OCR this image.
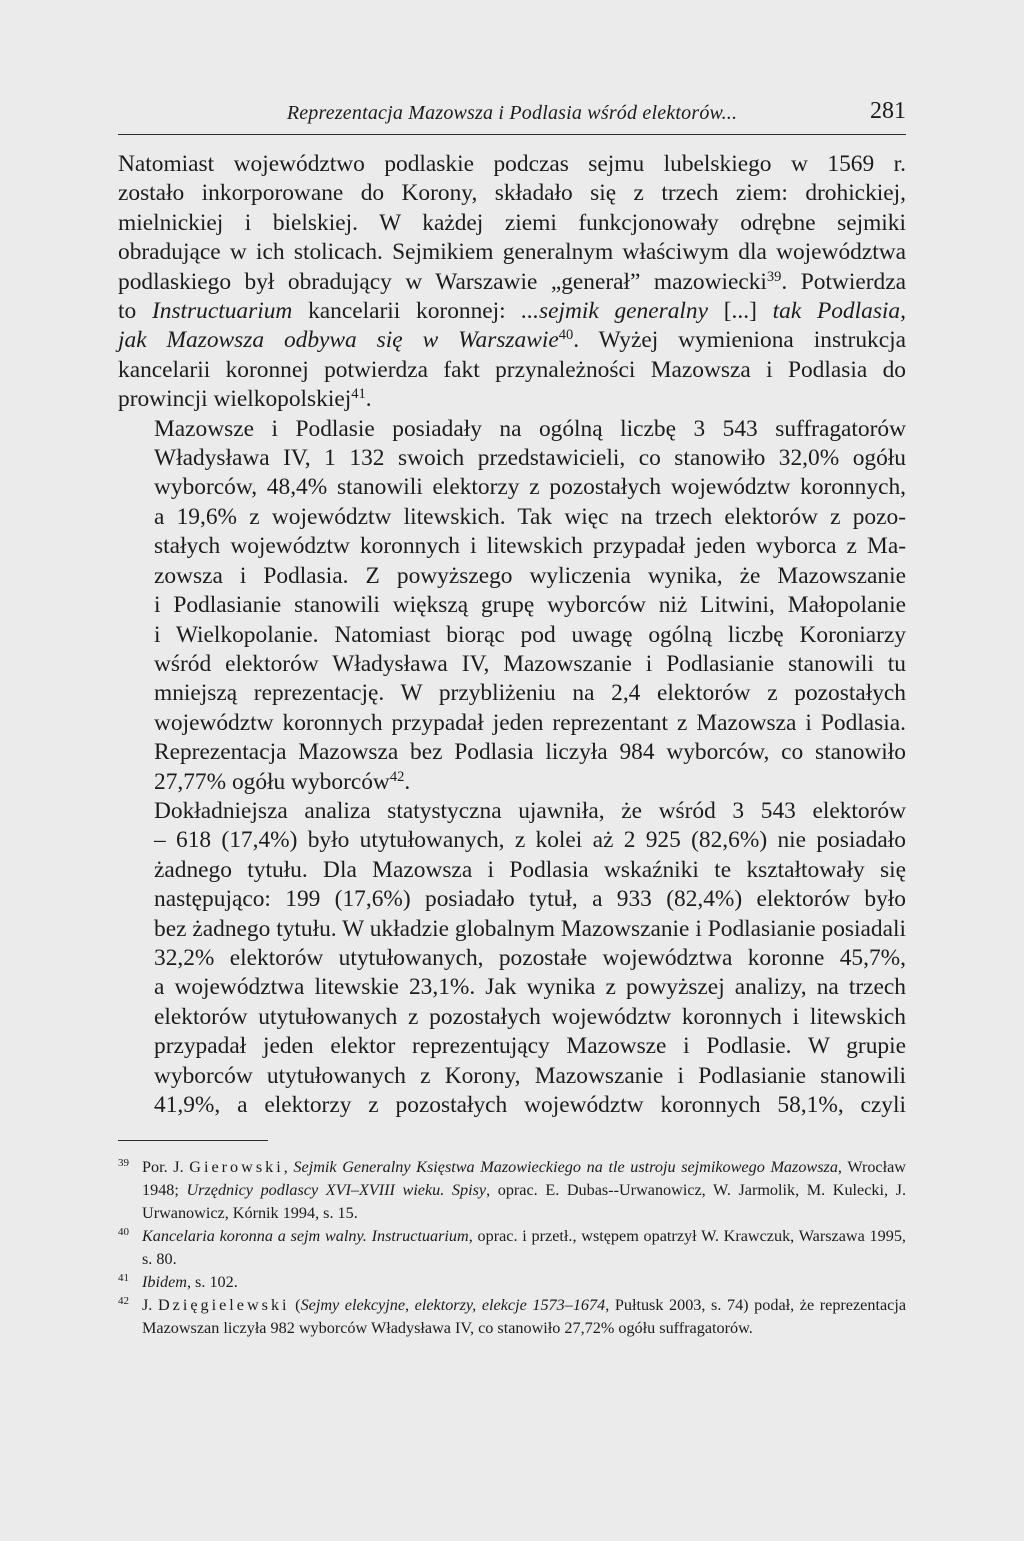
Reprezentacja Mazowsza i Podlasia wśród elektorów...	281

Natomiast województwo podlaskie podczas sejmu lubelskiego w 1569 r.
zostało inkorporowane do Korony, składało się z trzech ziem: drohickiej,
mielnickiej i bielskiej. W każdej ziemi funkcjonowały odrębne sejmiki
obradujące w ich stolicach. Sejmikiem generalnym właściwym dla województwa
podlaskiego był obradujący w Warszawie „generał” mazowiecki$^{39}$. Potwierdza
to Instructuarium kancelarii koronnej: ...sejmik generalny [...] tak Podlasia,
jak Mazowsza odbywa się w Warszawie$^{40}$. Wyżej wymieniona instrukcja
kancelarii koronnej potwierdza fakt przynależności Mazowsza i Podlasia do
prowincji wielkopolskiej$^{41}$.

Mazowsze i Podlasie posiadały na ogólną liczbę 3 543 suffragatorów
Władysława IV, 1 132 swoich przedstawicieli, co stanowiło 32,0% ogółu
wyborców, 48,4% stanowili elektorzy z pozostałych województw koronnych,
a 19,6% z województw litewskich. Tak więc na trzech elektorów z pozo-
stałych województw koronnych i litewskich przypadał jeden wyborca z Ma-
zowsza i Podlasia. Z powyższego wyliczenia wynika, że Mazowszanie
i Podlasianie stanowili większą grupę wyborców niż Litwini, Małopolanie
i Wielkopolanie. Natomiast biorąc pod uwagę ogólną liczbę Koroniarzy
wśród elektorów Władysława IV, Mazowszanie i Podlasianie stanowili tu
mniejszą reprezentację. W przybliżeniu na 2,4 elektorów z pozostałych
województw koronnych przypadał jeden reprezentant z Mazowsza i Podlasia.
Reprezentacja Mazowsza bez Podlasia liczyła 984 wyborców, co stanowiło
27,77% ogółu wyborców$^{42}$.

Dokładniejsza analiza statystyczna ujawniła, że wśród 3 543 elektorów
– 618 (17,4%) było utytułowanych, z kolei aż 2 925 (82,6%) nie posiadało
żadnego tytułu. Dla Mazowsza i Podlasia wskaźniki te kształtowały się
następująco: 199 (17,6%) posiadało tytuł, a 933 (82,4%) elektorów było
bez żadnego tytułu. W układzie globalnym Mazowszanie i Podlasianie posiadali
32,2% elektorów utytułowanych, pozostałe województwa koronne 45,7%,
a województwa litewskie 23,1%. Jak wynika z powyższej analizy, na trzech
elektorów utytułowanych z pozostałych województw koronnych i litewskich
przypadał jeden elektor reprezentujący Mazowsze i Podlasie. W grupie
wyborców utytułowanych z Korony, Mazowszanie i Podlasianie stanowili
41,9%, a elektorzy z pozostałych województw koronnych 58,1%, czyli

39 Por. J. Gierowski, Sejmik Generalny Księstwa Mazowieckiego na tle ustroju sejmikowego Mazowsza, Wrocław 1948; Urzędnicy podlascy XVI–XVIII wieku. Spisy, oprac. E. Dubas--Urwanowicz, W. Jarmolik, M. Kulecki, J. Urwanowicz, Kórnik 1994, s. 15.

40 Kancelaria koronna a sejm walny. Instructuarium, oprac. i przetł., wstępem opatrzył W. Krawczuk, Warszawa 1995, s. 80.

41 Ibidem, s. 102.

42 J. Dzięgielewski (Sejmy elekcyjne, elektorzy, elekcje 1573–1674, Pułtusk 2003, s. 74) podał, że reprezentacja Mazowszan liczyła 982 wyborców Władysława IV, co stanowiło 27,72% ogółu suffragatorów.
